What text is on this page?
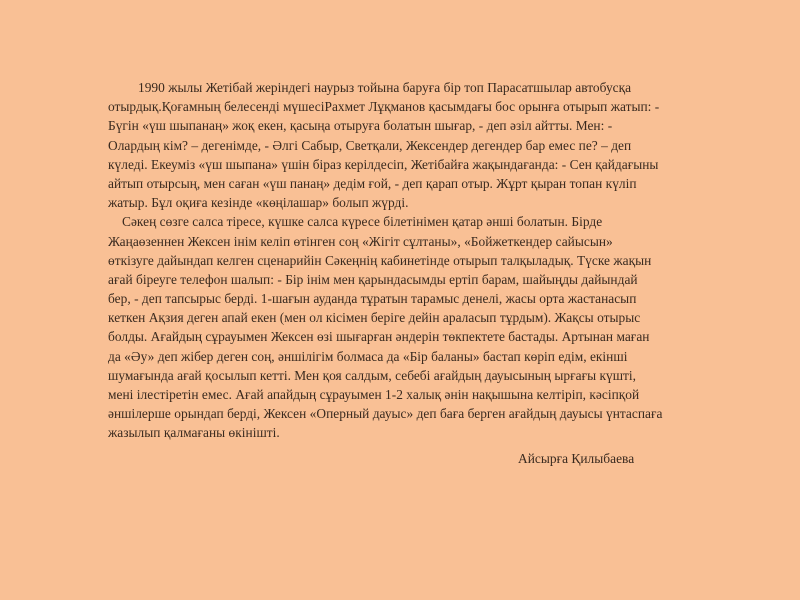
1990 жылы Жетібай жеріндегі наурыз тойына баруға бір топ Парасатшылар автобусқа
отырдық.Қоғамның белесенді мүшесіРахмет Лұқманов қасымдағы бос орынға отырып жатып: -
Бүгін «үш шыпанаң» жоқ екен, қасыңа отыруға болатын шығар, - деп әзіл айтты. Мен: -
Олардың кім? – дегенімде, - Әлгі Сабыр, Светқали, Жексендер дегендер бар емес пе? – деп
күледі. Екеуміз «үш шыпана» үшін біраз керілдесіп, Жетібайға жақындағанда: - Сен қайдағыны
айтып отырсың, мен саған «үш панаң» дедім ғой, - деп қарап отыр. Жұрт қыран топан күліп
жатыр. Бұл оқиға кезінде «көңілашар» болып жүрді.
Сәкең сөзге салса тіресе, күшке салса күресе білетінімен қатар әнші болатын. Бірде
Жаңаөзеннен Жексен інім келіп өтінген соң «Жігіт сұлтаны», «Бойжеткендер сайысын»
өткізуге дайындап келген сценарийін Сәкеңнің кабинетінде отырып талқыладық. Түске жақын
ағай біреуге телефон шалып: - Бір інім мен қарындасымды ертіп барам, шайыңды дайындай
бер, - деп тапсырыс берді. 1-шағын ауданда тұратын тарамыс денелі, жасы орта жастанасып
кеткен Ақзия деген апай екен (мен ол кісімен беріге дейін араласып тұрдым). Жақсы отырыс
болды. Ағайдың сұрауымен Жексен өзі шығарған әндерін төкпектете бастады. Артынан маған
да «Әу» деп жібер деген соң, әншілігім болмаса да «Бір баланы» бастап көріп едім, екінші
шумағында ағай қосылып кетті. Мен қоя салдым, себебі ағайдың дауысының ырғағы күшті,
мені ілестіретін емес. Ағай апайдың сұрауымен 1-2 халық әнін нақышына келтіріп, кәсіпқой
әншілерше орындап берді, Жексен «Оперный дауыс» деп баға берген ағайдың дауысы үнтаспаға
жазылып қалмағаны өкінішті.
Айсырға Қилыбаева
